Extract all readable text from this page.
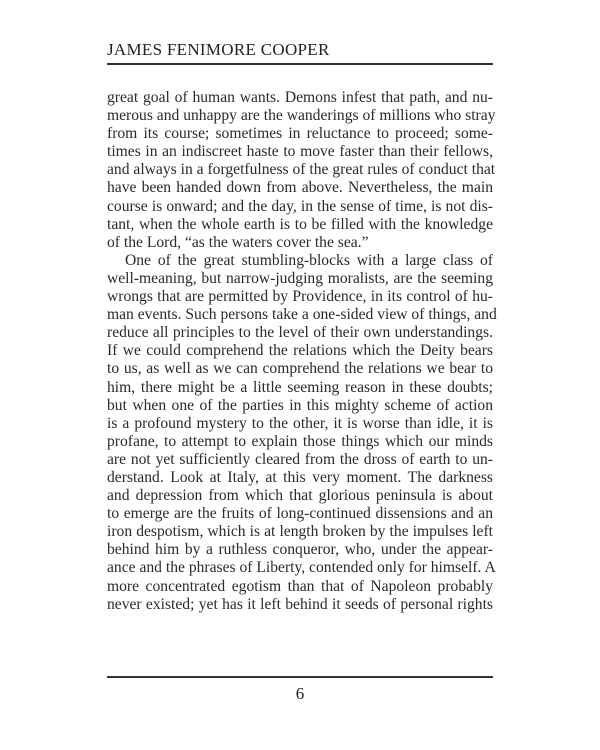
JAMES FENIMORE COOPER
great goal of human wants. Demons infest that path, and nu-
merous and unhappy are the wanderings of millions who stray
from its course; sometimes in reluctance to proceed; some-
times in an indiscreet haste to move faster than their fellows,
and always in a forgetfulness of the great rules of conduct that
have been handed down from above. Nevertheless, the main
course is onward; and the day, in the sense of time, is not dis-
tant, when the whole earth is to be filled with the knowledge
of the Lord, “as the waters cover the sea.”
One of the great stumbling-blocks with a large class of
well-meaning, but narrow-judging moralists, are the seeming
wrongs that are permitted by Providence, in its control of hu-
man events. Such persons take a one-sided view of things, and
reduce all principles to the level of their own understandings.
If we could comprehend the relations which the Deity bears
to us, as well as we can comprehend the relations we bear to
him, there might be a little seeming reason in these doubts;
but when one of the parties in this mighty scheme of action
is a profound mystery to the other, it is worse than idle, it is
profane, to attempt to explain those things which our minds
are not yet sufficiently cleared from the dross of earth to un-
derstand. Look at Italy, at this very moment. The darkness
and depression from which that glorious peninsula is about
to emerge are the fruits of long-continued dissensions and an
iron despotism, which is at length broken by the impulses left
behind him by a ruthless conqueror, who, under the appear-
ance and the phrases of Liberty, contended only for himself. A
more concentrated egotism than that of Napoleon probably
never existed; yet has it left behind it seeds of personal rights
6
